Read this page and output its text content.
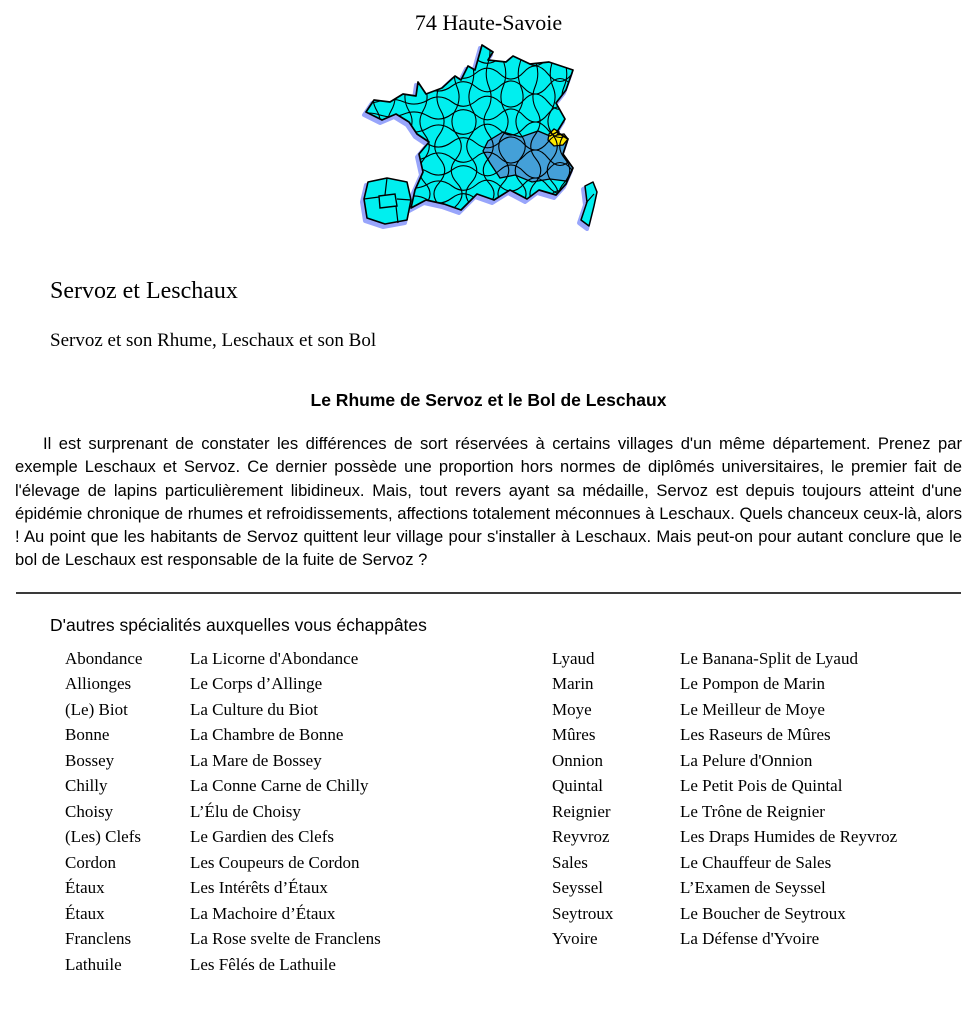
74 Haute-Savoie
Servoz et Leschaux

Servoz et son Rhume, Leschaux et son Bol

Le Rhume de Servoz et le Bol de Leschaux

Il est surprenant de constater les différences de sort réservées à certains villages d'un même département. Prenez par exemple Leschaux et Servoz. Ce dernier possède une proportion hors normes de diplômés universitaires, le premier fait de l'élevage de lapins particulièrement libidineux. Mais, tout revers ayant sa médaille, Servoz est depuis toujours atteint d'une épidémie chronique de rhumes et refroidissements, affections totalement méconnues à Leschaux. Quels chanceux ceux-là, alors ! Au point que les habitants de Servoz quittent leur village pour s'installer à Leschaux. Mais peut-on pour autant conclure que le bol de Leschaux est responsable de la fuite de Servoz ?

D'autres spécialités auxquelles vous échappâtes
Abondance	La Licorne d'Abondance	Lyaud	Le Banana-Split de Lyaud
Allionges	Le Corps d’Allinge	Marin	Le Pompon de Marin
(Le) Biot	La Culture du Biot	Moye	Le Meilleur de Moye
Bonne	La Chambre de Bonne	Mûres	Les Raseurs de Mûres
Bossey	La Mare de Bossey	Onnion	La Pelure d'Onnion
Chilly	La Conne Carne de Chilly	Quintal	Le Petit Pois de Quintal
Choisy	L’Élu de Choisy	Reignier	Le Trône de Reignier
(Les) Clefs	Le Gardien des Clefs	Reyvroz	Les Draps Humides de Reyvroz
Cordon	Les Coupeurs de Cordon	Sales	Le Chauffeur de Sales
Étaux	Les Intérêts d’Étaux	Seyssel	L’Examen de Seyssel
Étaux	La Machoire d’Étaux	Seytroux	Le Boucher de Seytroux
Franclens	La Rose svelte de Franclens	Yvoire	La Défense d'Yvoire
Lathuile	Les Fêlés de Lathuile
